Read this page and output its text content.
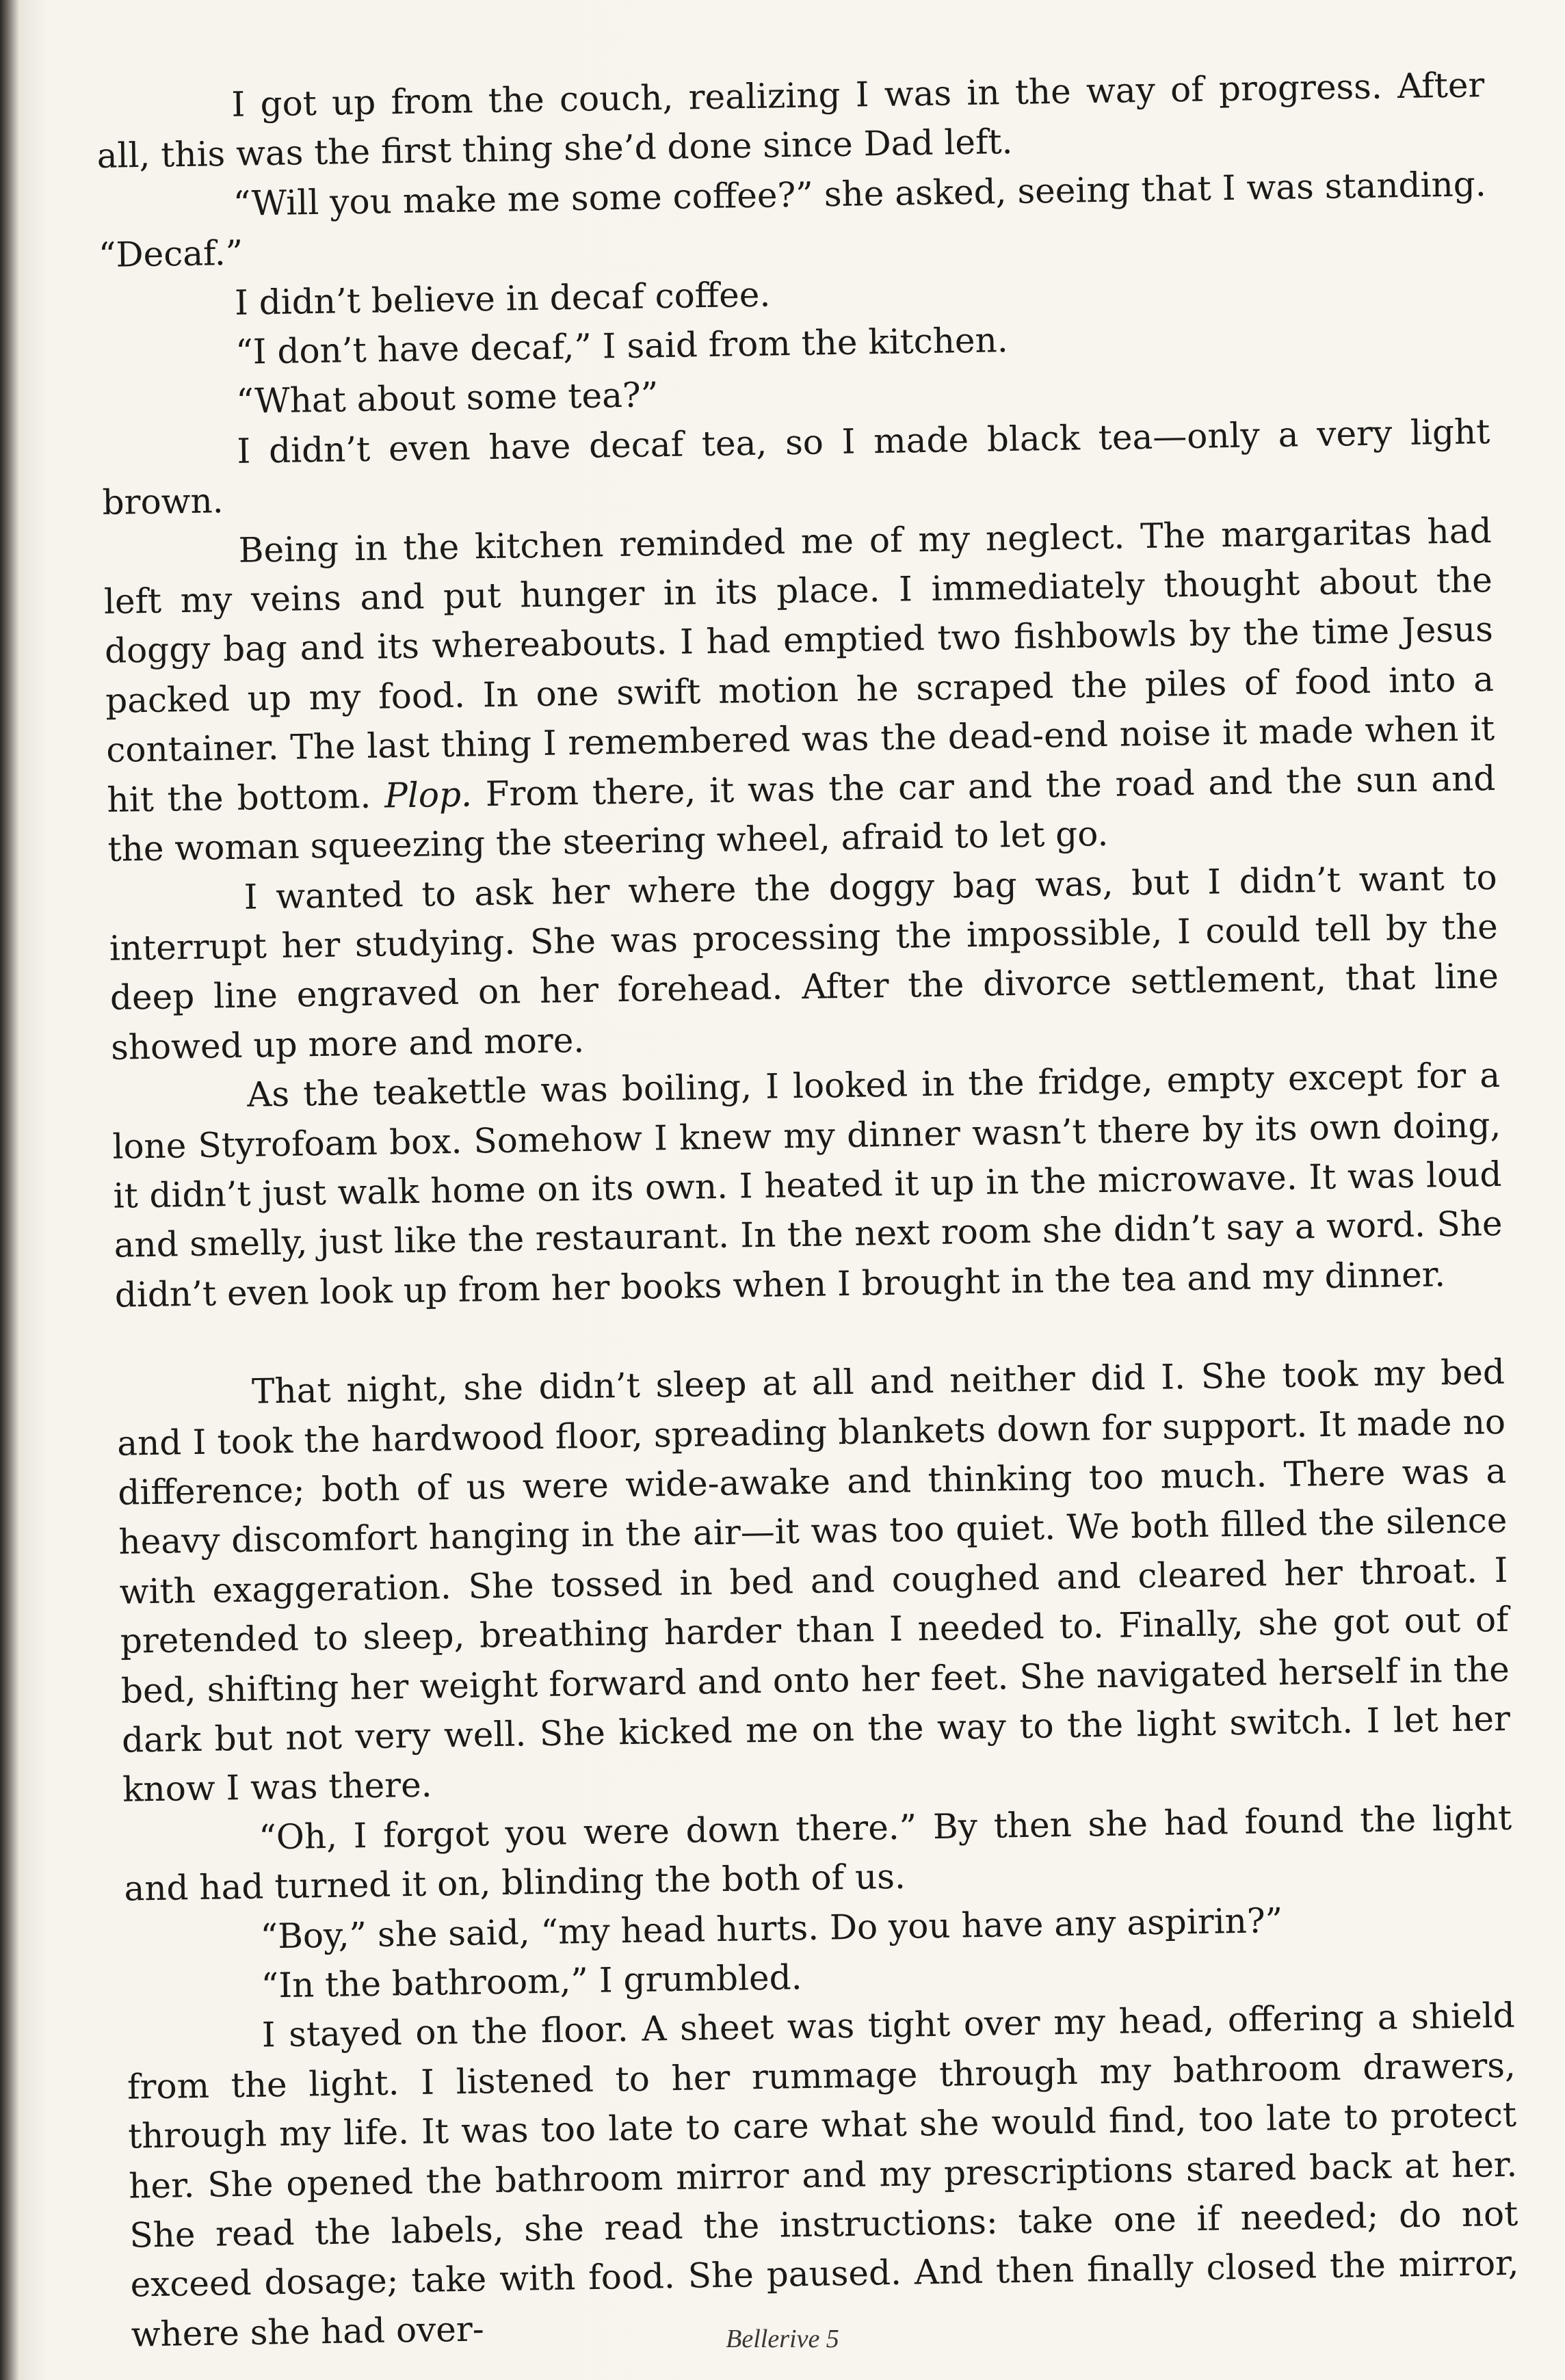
I got up from the couch, realizing I was in the way of progress. After all, this was the first thing she’d done since Dad left.

“Will you make me some coffee?” she asked, seeing that I was standing. “Decaf.”

I didn’t believe in decaf coffee.

“I don’t have decaf,” I said from the kitchen.

“What about some tea?”

I didn’t even have decaf tea, so I made black tea—only a very light brown.

Being in the kitchen reminded me of my neglect. The margaritas had left my veins and put hunger in its place. I immediately thought about the doggy bag and its whereabouts. I had emptied two fishbowls by the time Jesus packed up my food. In one swift motion he scraped the piles of food into a container. The last thing I remembered was the dead-end noise it made when it hit the bottom. Plop. From there, it was the car and the road and the sun and the woman squeezing the steering wheel, afraid to let go.

I wanted to ask her where the doggy bag was, but I didn’t want to interrupt her studying. She was processing the impossible, I could tell by the deep line engraved on her forehead. After the divorce settlement, that line showed up more and more.

As the teakettle was boiling, I looked in the fridge, empty except for a lone Styrofoam box. Somehow I knew my dinner wasn’t there by its own doing, it didn’t just walk home on its own. I heated it up in the microwave. It was loud and smelly, just like the restaurant. In the next room she didn’t say a word. She didn’t even look up from her books when I brought in the tea and my dinner.

That night, she didn’t sleep at all and neither did I. She took my bed and I took the hardwood floor, spreading blankets down for support. It made no difference; both of us were wide-awake and thinking too much. There was a heavy discomfort hanging in the air—it was too quiet. We both filled the silence with exaggeration. She tossed in bed and coughed and cleared her throat. I pretended to sleep, breathing harder than I needed to. Finally, she got out of bed, shifting her weight forward and onto her feet. She navigated herself in the dark but not very well. She kicked me on the way to the light switch. I let her know I was there.

“Oh, I forgot you were down there.” By then she had found the light and had turned it on, blinding the both of us.

“Boy,” she said, “my head hurts. Do you have any aspirin?”

“In the bathroom,” I grumbled.

I stayed on the floor. A sheet was tight over my head, offering a shield from the light. I listened to her rummage through my bathroom drawers, through my life. It was too late to care what she would find, too late to protect her. She opened the bathroom mirror and my prescriptions stared back at her. She read the labels, she read the instructions: take one if needed; do not exceed dosage; take with food. She paused. And then finally closed the mirror, where she had over-	Bellerive 5
